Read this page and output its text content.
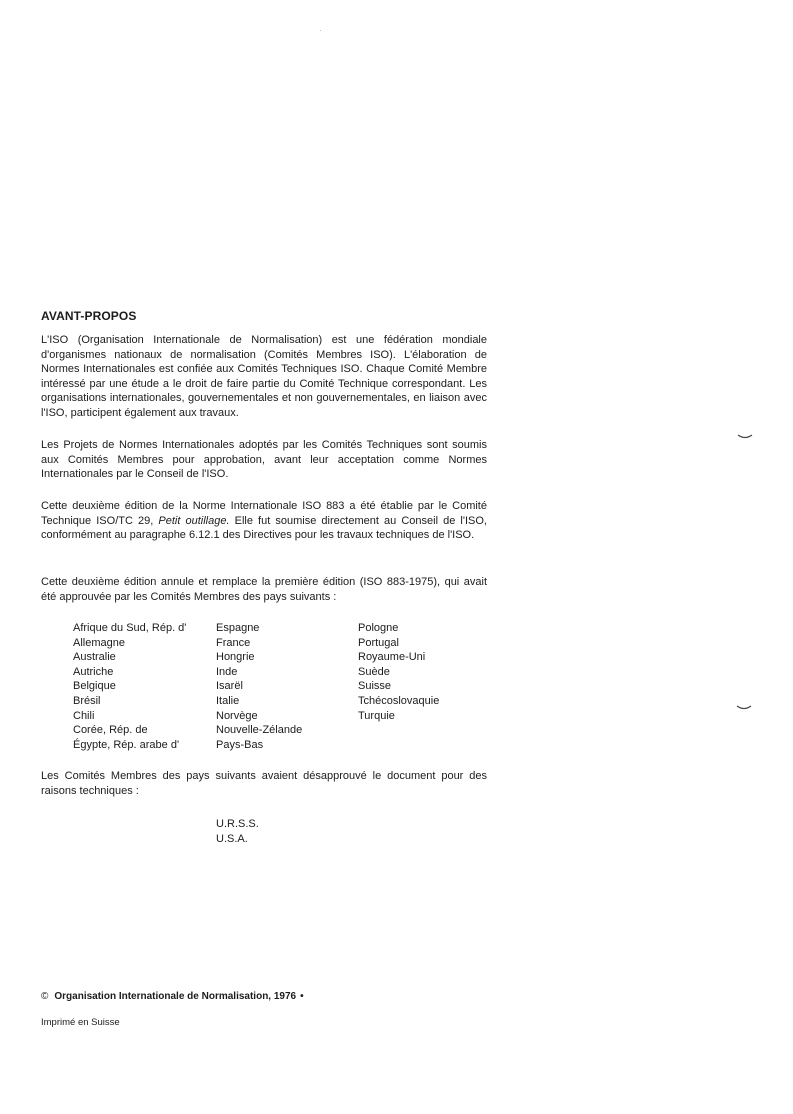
AVANT-PROPOS
L'ISO (Organisation Internationale de Normalisation) est une fédération mondiale d'organismes nationaux de normalisation (Comités Membres ISO). L'élaboration de Normes Internationales est confiée aux Comités Techniques ISO. Chaque Comité Membre intéressé par une étude a le droit de faire partie du Comité Technique correspondant. Les organisations internationales, gouvernementales et non gouvernementales, en liaison avec l'ISO, participent également aux travaux.
Les Projets de Normes Internationales adoptés par les Comités Techniques sont soumis aux Comités Membres pour approbation, avant leur acceptation comme Normes Internationales par le Conseil de l'ISO.
Cette deuxième édition de la Norme Internationale ISO 883 a été établie par le Comité Technique ISO/TC 29, Petit outillage. Elle fut soumise directement au Conseil de l'ISO, conformément au paragraphe 6.12.1 des Directives pour les travaux techniques de l'ISO.
Cette deuxième édition annule et remplace la première édition (ISO 883-1975), qui avait été approuvée par les Comités Membres des pays suivants :
Afrique du Sud, Rép. d'
Allemagne
Australie
Autriche
Belgique
Brésil
Chili
Corée, Rép. de
Égypte, Rép. arabe d'
Espagne
France
Hongrie
Inde
Isarël
Italie
Norvège
Nouvelle-Zélande
Pays-Bas
Pologne
Portugal
Royaume-Uni
Suède
Suisse
Tchécoslovaquie
Turquie
Les Comités Membres des pays suivants avaient désapprouvé le document pour des raisons techniques :
U.R.S.S.
U.S.A.
© Organisation Internationale de Normalisation, 1976 •
Imprimé en Suisse
